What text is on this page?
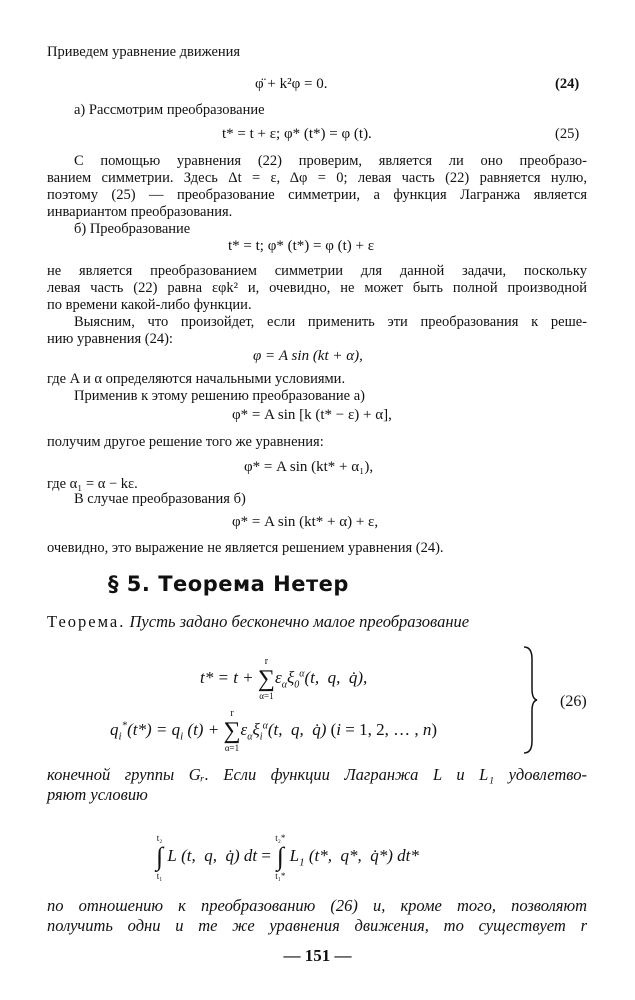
Приведем уравнение движения
φ̈ + k²φ = 0.	(24)
а) Рассмотрим преобразование
t* = t + ε; φ* (t*) = φ (t).	(25)
С помощью уравнения (22) проверим, является ли оно преобразо-
ванием симметрии. Здесь Δt = ε, Δφ = 0; левая часть (22) равняется нулю,
поэтому (25) — преобразование симметрии, а функция Лагранжа является
инвариантом преобразования.
б) Преобразование
t* = t; φ* (t*) = φ (t) + ε
не является преобразованием симметрии для данной задачи, поскольку
левая часть (22) равна εφk² и, очевидно, не может быть полной производной
по времени какой-либо функции.
Выясним, что произойдет, если применить эти преобразования к реше-
нию уравнения (24):
φ = A sin (kt + α),
где A и α определяются начальными условиями.
Применив к этому решению преобразование а)
φ* = A sin [k (t* − ε) + α],
получим другое решение того же уравнения:
φ* = A sin (kt* + α₁),
где α₁ = α − kε.
В случае преобразования б)
φ* = A sin (kt* + α) + ε,
очевидно, это выражение не является решением уравнения (24).
§ 5. Теорема Нетер
Теорема. Пусть задано бесконечно малое преобразование
t* = t +
r
∑
α=1
$\varepsilon_\alpha\xi_0^\alpha(t$,  q,  q̇),
$q_i^*(t*) = q_i$ (t) +
r
∑
α=1
$\varepsilon_\alpha\xi_i^\alpha(t$,  q,  q̇) (i = 1, 2, … , n)
(26)
конечной группы Gᵣ. Если функции Лагранжа L и L₁ удовлетво-
ряют условию
t₂
∫
t₁
L (t,  q,  q̇) dt =
t₂*
∫
t₁*
$L_1$ (t*,  q*,  q̇*) dt*
по отношению к преобразованию (26) и, кроме того, позволяют
получить одни и те же уравнения движения, то существует r
— 151 —
